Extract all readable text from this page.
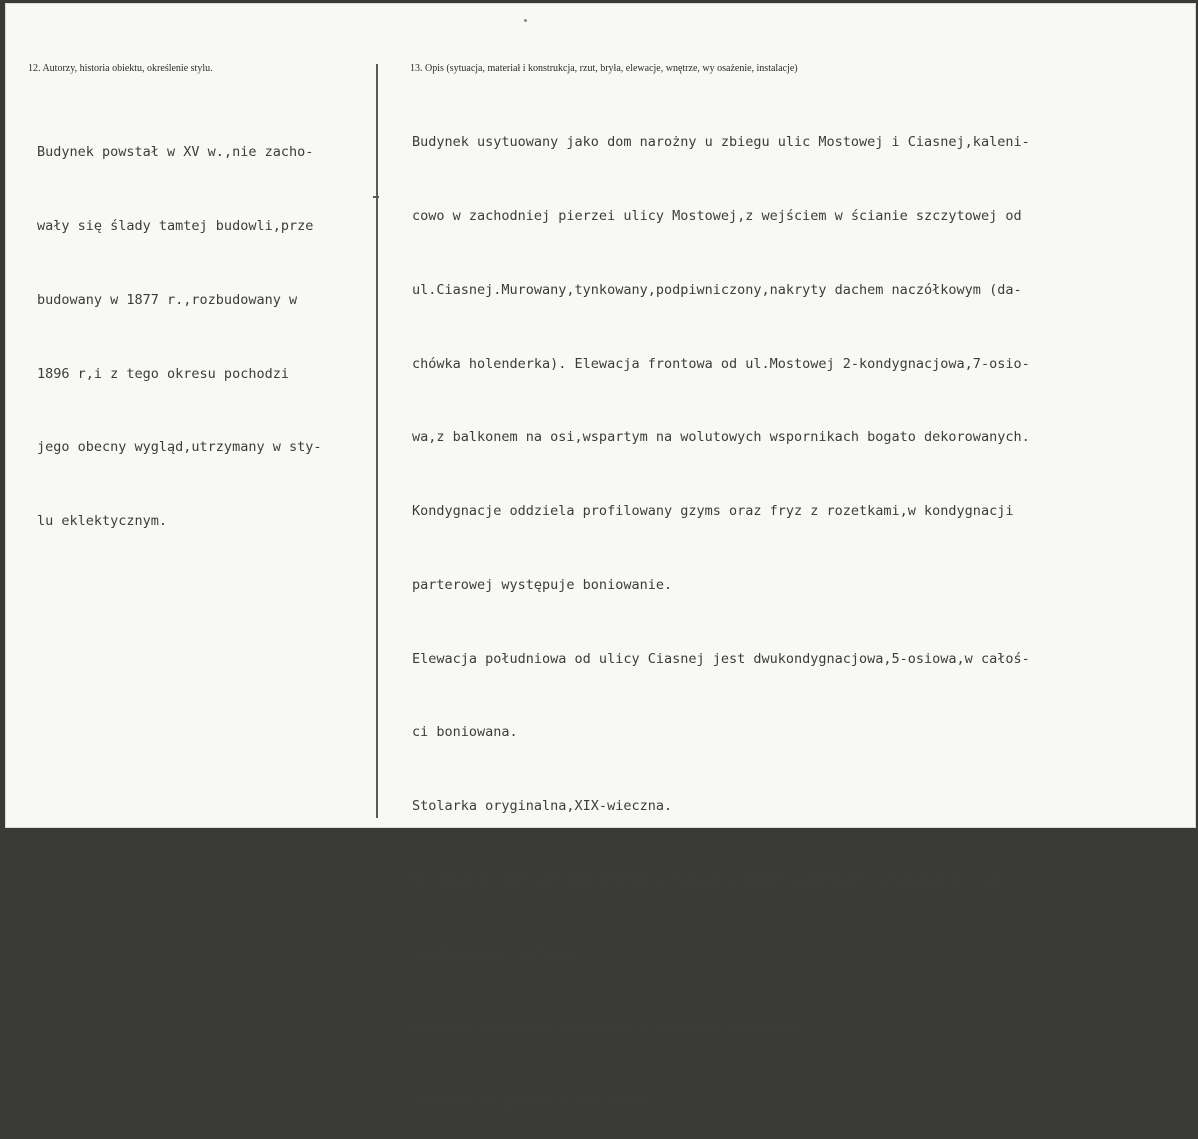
12. Autorzy, historia obiektu, określenie stylu.	13. Opis (sytuacja, materiał i konstrukcja, rzut, bryła, elewacje, wnętrze, wy osażenie, instalacje)

Budynek powstał w XV w.,nie zacho-

wały się ślady tamtej budowli,prze

budowany w 1877 r.,rozbudowany w

1896 r,i z tego okresu pochodzi

jego obecny wygląd,utrzymany w sty-

lu eklektycznym.

Budynek usytuowany jako dom narożny u zbiegu ulic Mostowej i Ciasnej,kaleni-

cowo w zachodniej pierzei ulicy Mostowej,z wejściem w ścianie szczytowej od

ul.Ciasnej.Murowany,tynkowany,podpiwniczony,nakryty dachem naczółkowym (da-

chówka holenderka). Elewacja frontowa od ul.Mostowej 2-kondygnacjowa,7-osio-

wa,z balkonem na osi,wspartym na wolutowych wspornikach bogato dekorowanych.

Kondygnacje oddziela profilowany gzyms oraz fryz z rozetkami,w kondygnacji

parterowej występuje boniowanie.

Elewacja południowa od ulicy Ciasnej jest dwukondygnacjowa,5-osiowa,w całoś-

ci boniowana.

Stolarka oryginalna,XIX-wieczna.

We wnętrzu XIX-wieczna klatka schodowa,w pomieszczeniach sztukaterie oraz

ozdobny piec kaflowy.

Piwnice sklepione kolebkowo,z lunetami,dwunawowe.

Instalacja gazowa,elektryczna.
